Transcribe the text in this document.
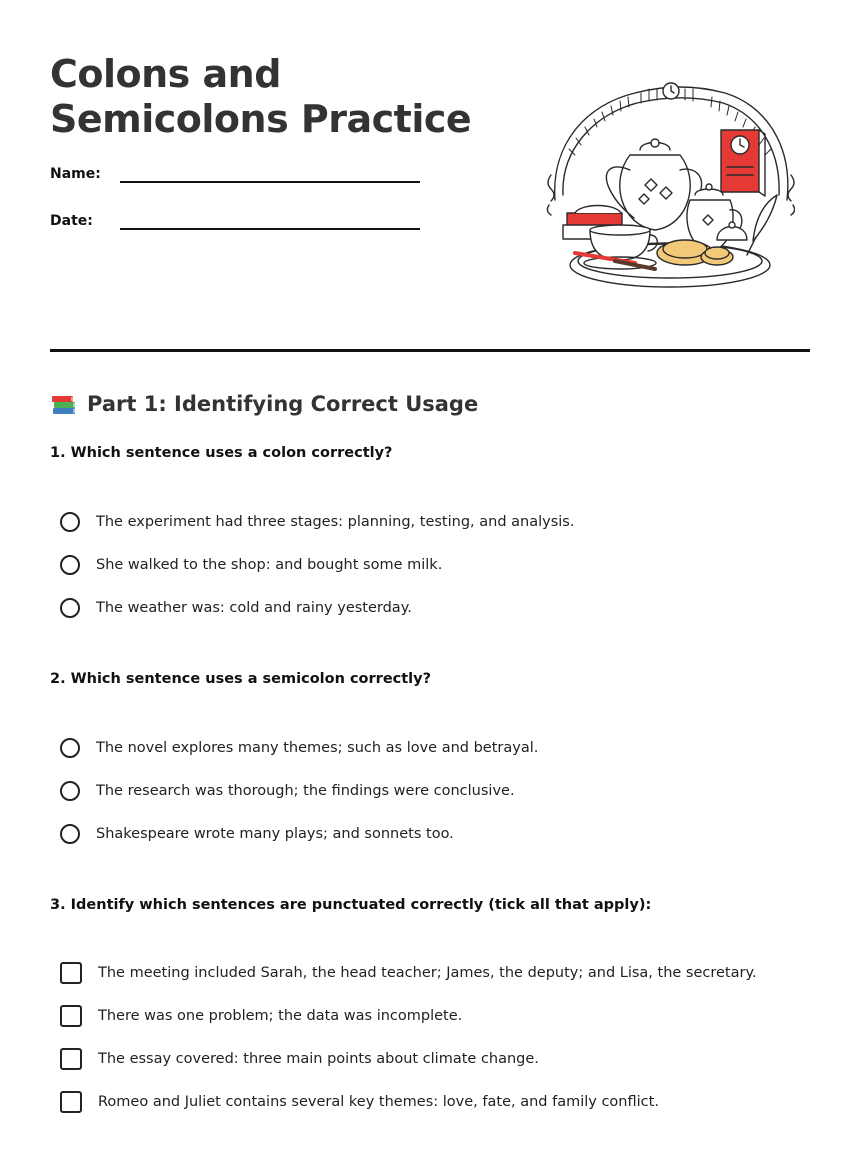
Colons and Semicolons Practice
Name:
Date:
Part 1: Identifying Correct Usage
1. Which sentence uses a colon correctly?
The experiment had three stages: planning, testing, and analysis.
She walked to the shop: and bought some milk.
The weather was: cold and rainy yesterday.
2. Which sentence uses a semicolon correctly?
The novel explores many themes; such as love and betrayal.
The research was thorough; the findings were conclusive.
Shakespeare wrote many plays; and sonnets too.
3. Identify which sentences are punctuated correctly (tick all that apply):
The meeting included Sarah, the head teacher; James, the deputy; and Lisa, the secretary.
There was one problem; the data was incomplete.
The essay covered: three main points about climate change.
Romeo and Juliet contains several key themes: love, fate, and family conflict.
